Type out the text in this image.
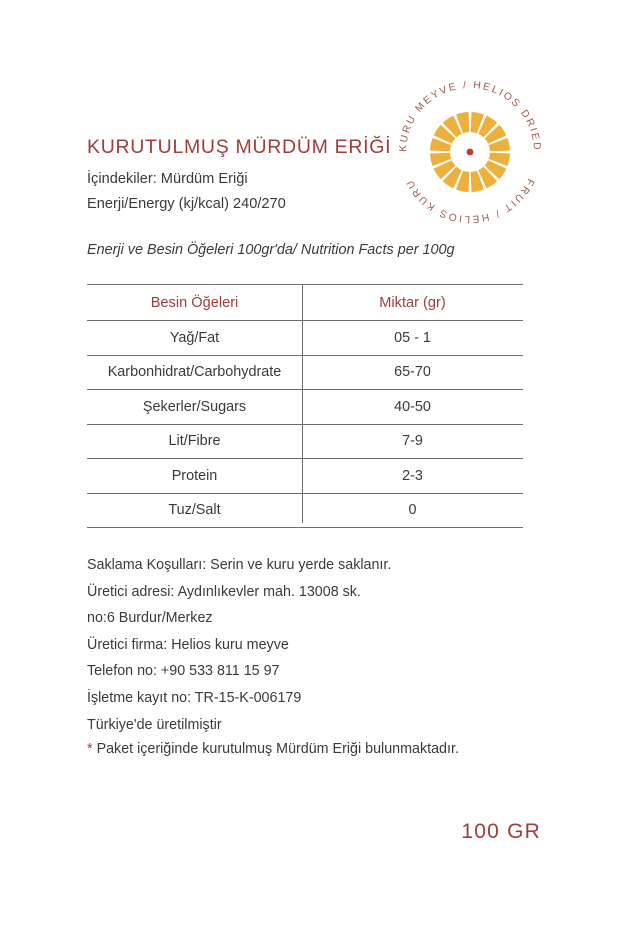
KURU MEYVE / HELIOS DRIED
FRUIT / HELIOS KURU
KURUTULMUŞ MÜRDÜM ERİĞİ
İçindekiler: Mürdüm Eriği
Enerji/Energy (kj/kcal) 240/270
Enerji ve Besin Öğeleri 100gr'da/ Nutrition Facts per 100g
Besin Öğeleri	Miktar (gr)
Yağ/Fat	05 - 1
Karbonhidrat/Carbohydrate	65-70
Şekerler/Sugars	40-50
Lit/Fibre	7-9
Protein	2-3
Tuz/Salt	0
Saklama Koşulları: Serin ve kuru yerde saklanır.
Üretici adresi: Aydınlıkevler mah. 13008 sk.
no:6 Burdur/Merkez
Üretici firma: Helios kuru meyve
Telefon no: +90 533 811 15 97
İşletme kayıt no: TR-15-K-006179
Türkiye'de üretilmiştir
* Paket içeriğinde kurutulmuş Mürdüm Eriği bulunmaktadır.
100 GR
